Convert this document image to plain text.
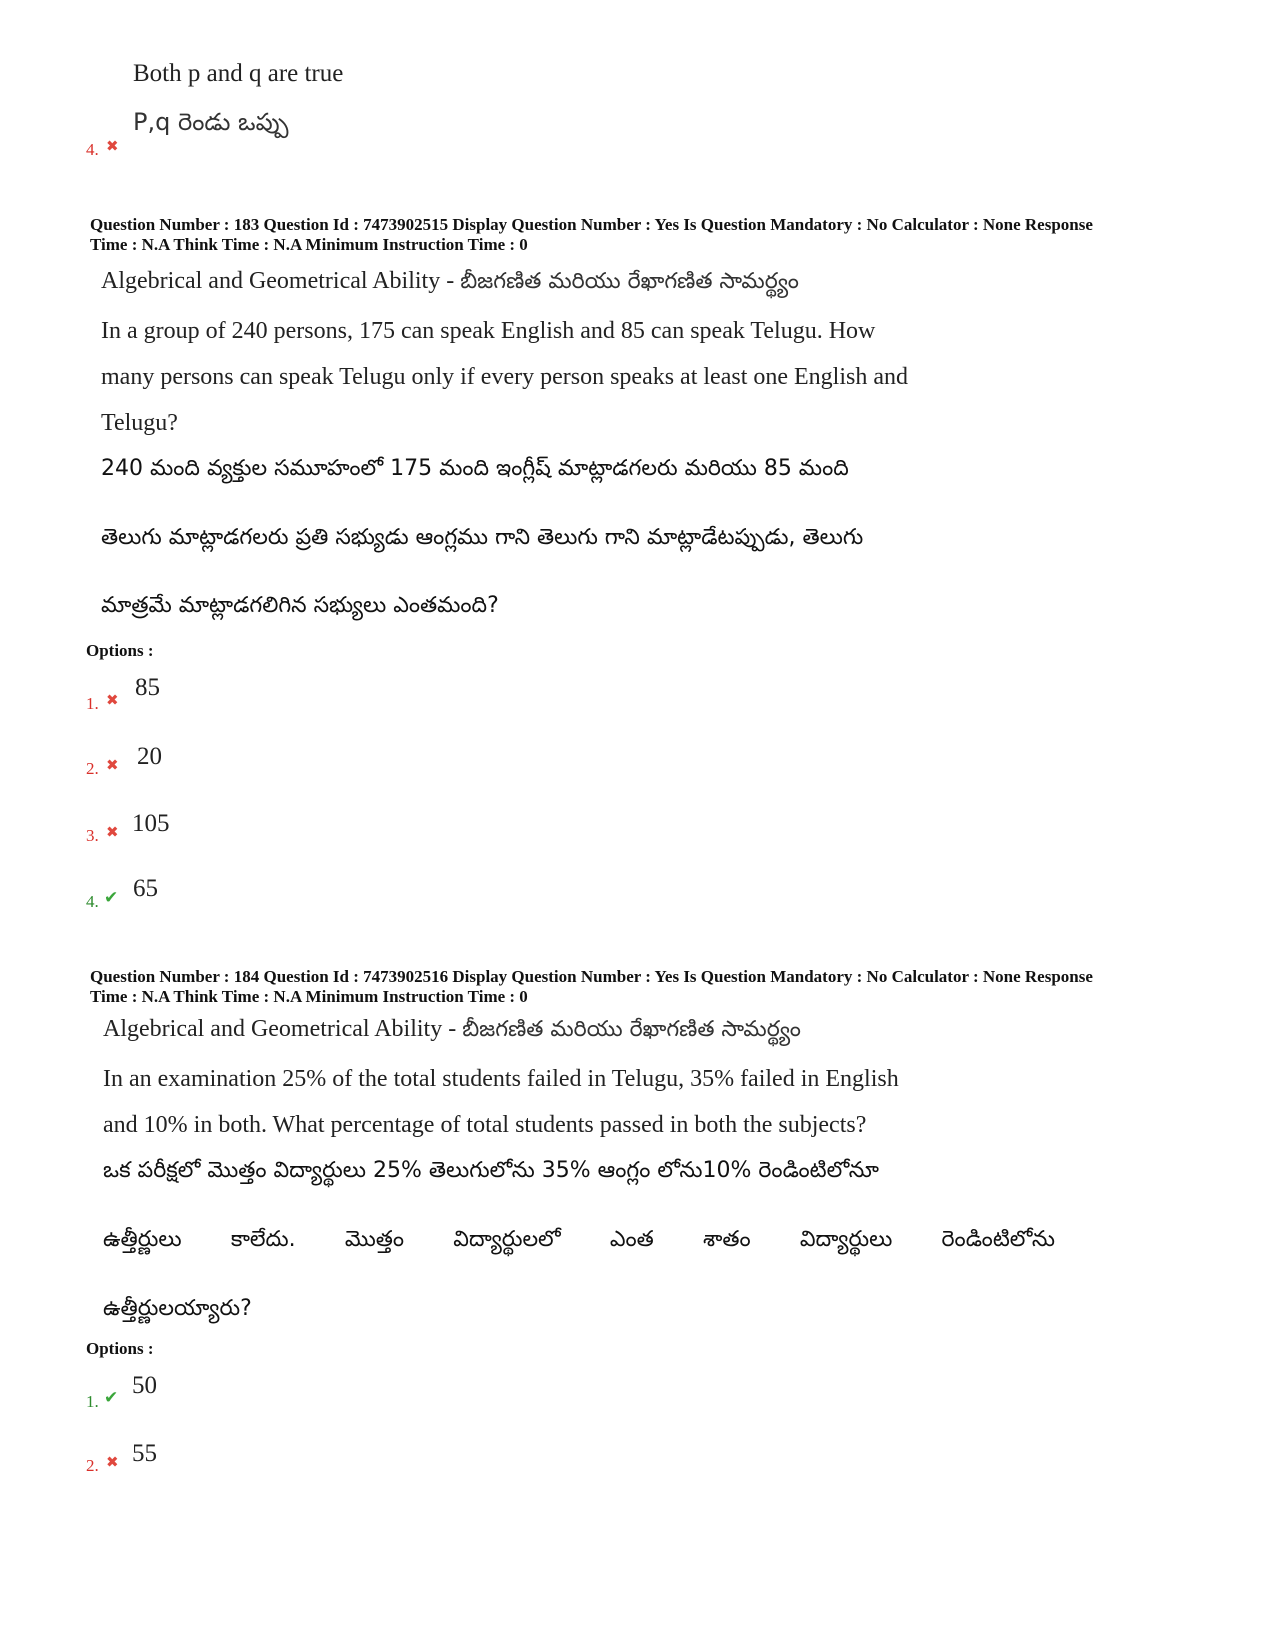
Both p and q are true
P,q రెండు ఒప్పు
4. ✖
Question Number : 183 Question Id : 7473902515 Display Question Number : Yes Is Question Mandatory : No Calculator : None Response
Time : N.A Think Time : N.A Minimum Instruction Time : 0
Algebrical and Geometrical Ability - బీజగణిత మరియు రేఖాగణిత సామర్థ్యం
In a group of 240 persons, 175 can speak English and 85 can speak Telugu. How
many persons can speak Telugu only if every person speaks at least one English and
Telugu?
240 మంది వ్యక్తుల సమూహంలో 175 మంది ఇంగ్లీష్ మాట్లాడగలరు మరియు 85 మంది
తెలుగు మాట్లాడగలరు ప్రతి సభ్యుడు ఆంగ్లము గాని తెలుగు గాని మాట్లాడేటప్పుడు, తెలుగు
మాత్రమే మాట్లాడగలిగిన సభ్యులు ఎంతమంది?
Options :
1. ✖ 85
2. ✖ 20
3. ✖ 105
4. ✔ 65
Question Number : 184 Question Id : 7473902516 Display Question Number : Yes Is Question Mandatory : No Calculator : None Response
Time : N.A Think Time : N.A Minimum Instruction Time : 0
Algebrical and Geometrical Ability - బీజగణిత మరియు రేఖాగణిత సామర్థ్యం
In an examination 25% of the total students failed in Telugu, 35% failed in English
and 10% in both. What percentage of total students passed in both the subjects?
ఒక పరీక్షలో మొత్తం విద్యార్థులు 25% తెలుగులోను 35% ఆంగ్లం లోను10% రెండింటిలోనూ
ఉత్తీర్ణులు కాలేదు. మొత్తం విద్యార్థులలో ఎంత శాతం విద్యార్థులు రెండింటిలోను
ఉత్తీర్ణులయ్యారు?
Options :
1. ✔ 50
2. ✖ 55
